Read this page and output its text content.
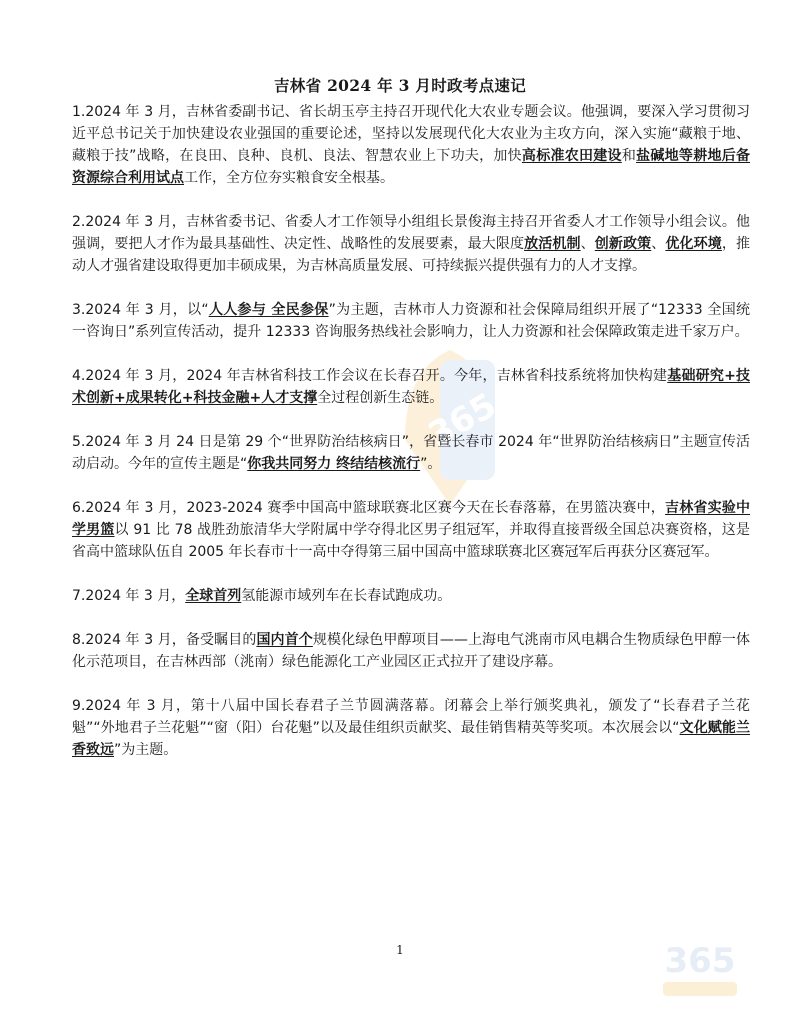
365
365
吉林省 2024 年 3 月时政考点速记

1.2024 年 3 月，吉林省委副书记、省长胡玉亭主持召开现代化大农业专题会议。他强调，要深入学习贯彻习近平总书记关于加快建设农业强国的重要论述，坚持以发展现代化大农业为主攻方向，深入实施“藏粮于地、藏粮于技”战略，在良田、良种、良机、良法、智慧农业上下功夫，加快高标准农田建设和盐碱地等耕地后备资源综合利用试点工作，全方位夯实粮食安全根基。

2.2024 年 3 月，吉林省委书记、省委人才工作领导小组组长景俊海主持召开省委人才工作领导小组会议。他强调，要把人才作为最具基础性、决定性、战略性的发展要素，最大限度放活机制、创新政策、优化环境，推动人才强省建设取得更加丰硕成果，为吉林高质量发展、可持续振兴提供强有力的人才支撑。

3.2024 年 3 月，以“人人参与 全民参保”为主题，吉林市人力资源和社会保障局组织开展了“12333 全国统一咨询日”系列宣传活动，提升 12333 咨询服务热线社会影响力，让人力资源和社会保障政策走进千家万户。

4.2024 年 3 月，2024 年吉林省科技工作会议在长春召开。今年，吉林省科技系统将加快构建基础研究+技术创新+成果转化+科技金融+人才支撑全过程创新生态链。

5.2024 年 3 月 24 日是第 29 个“世界防治结核病日”，省暨长春市 2024 年“世界防治结核病日”主题宣传活动启动。今年的宣传主题是“你我共同努力 终结结核流行”。

6.2024 年 3 月，2023-2024 赛季中国高中篮球联赛北区赛今天在长春落幕，在男篮决赛中，吉林省实验中学男篮以 91 比 78 战胜劲旅清华大学附属中学夺得北区男子组冠军，并取得直接晋级全国总决赛资格，这是省高中篮球队伍自 2005 年长春市十一高中夺得第三届中国高中篮球联赛北区赛冠军后再获分区赛冠军。

7.2024 年 3 月，全球首列氢能源市域列车在长春试跑成功。

8.2024 年 3 月，备受瞩目的国内首个规模化绿色甲醇项目——上海电气洮南市风电耦合生物质绿色甲醇一体化示范项目，在吉林西部（洮南）绿色能源化工产业园区正式拉开了建设序幕。

9.2024 年 3 月，第十八届中国长春君子兰节圆满落幕。闭幕会上举行颁奖典礼，颁发了“长春君子兰花魁”“外地君子兰花魁”“窗（阳）台花魁”以及最佳组织贡献奖、最佳销售精英等奖项。本次展会以“文化赋能兰香致远”为主题。

1
